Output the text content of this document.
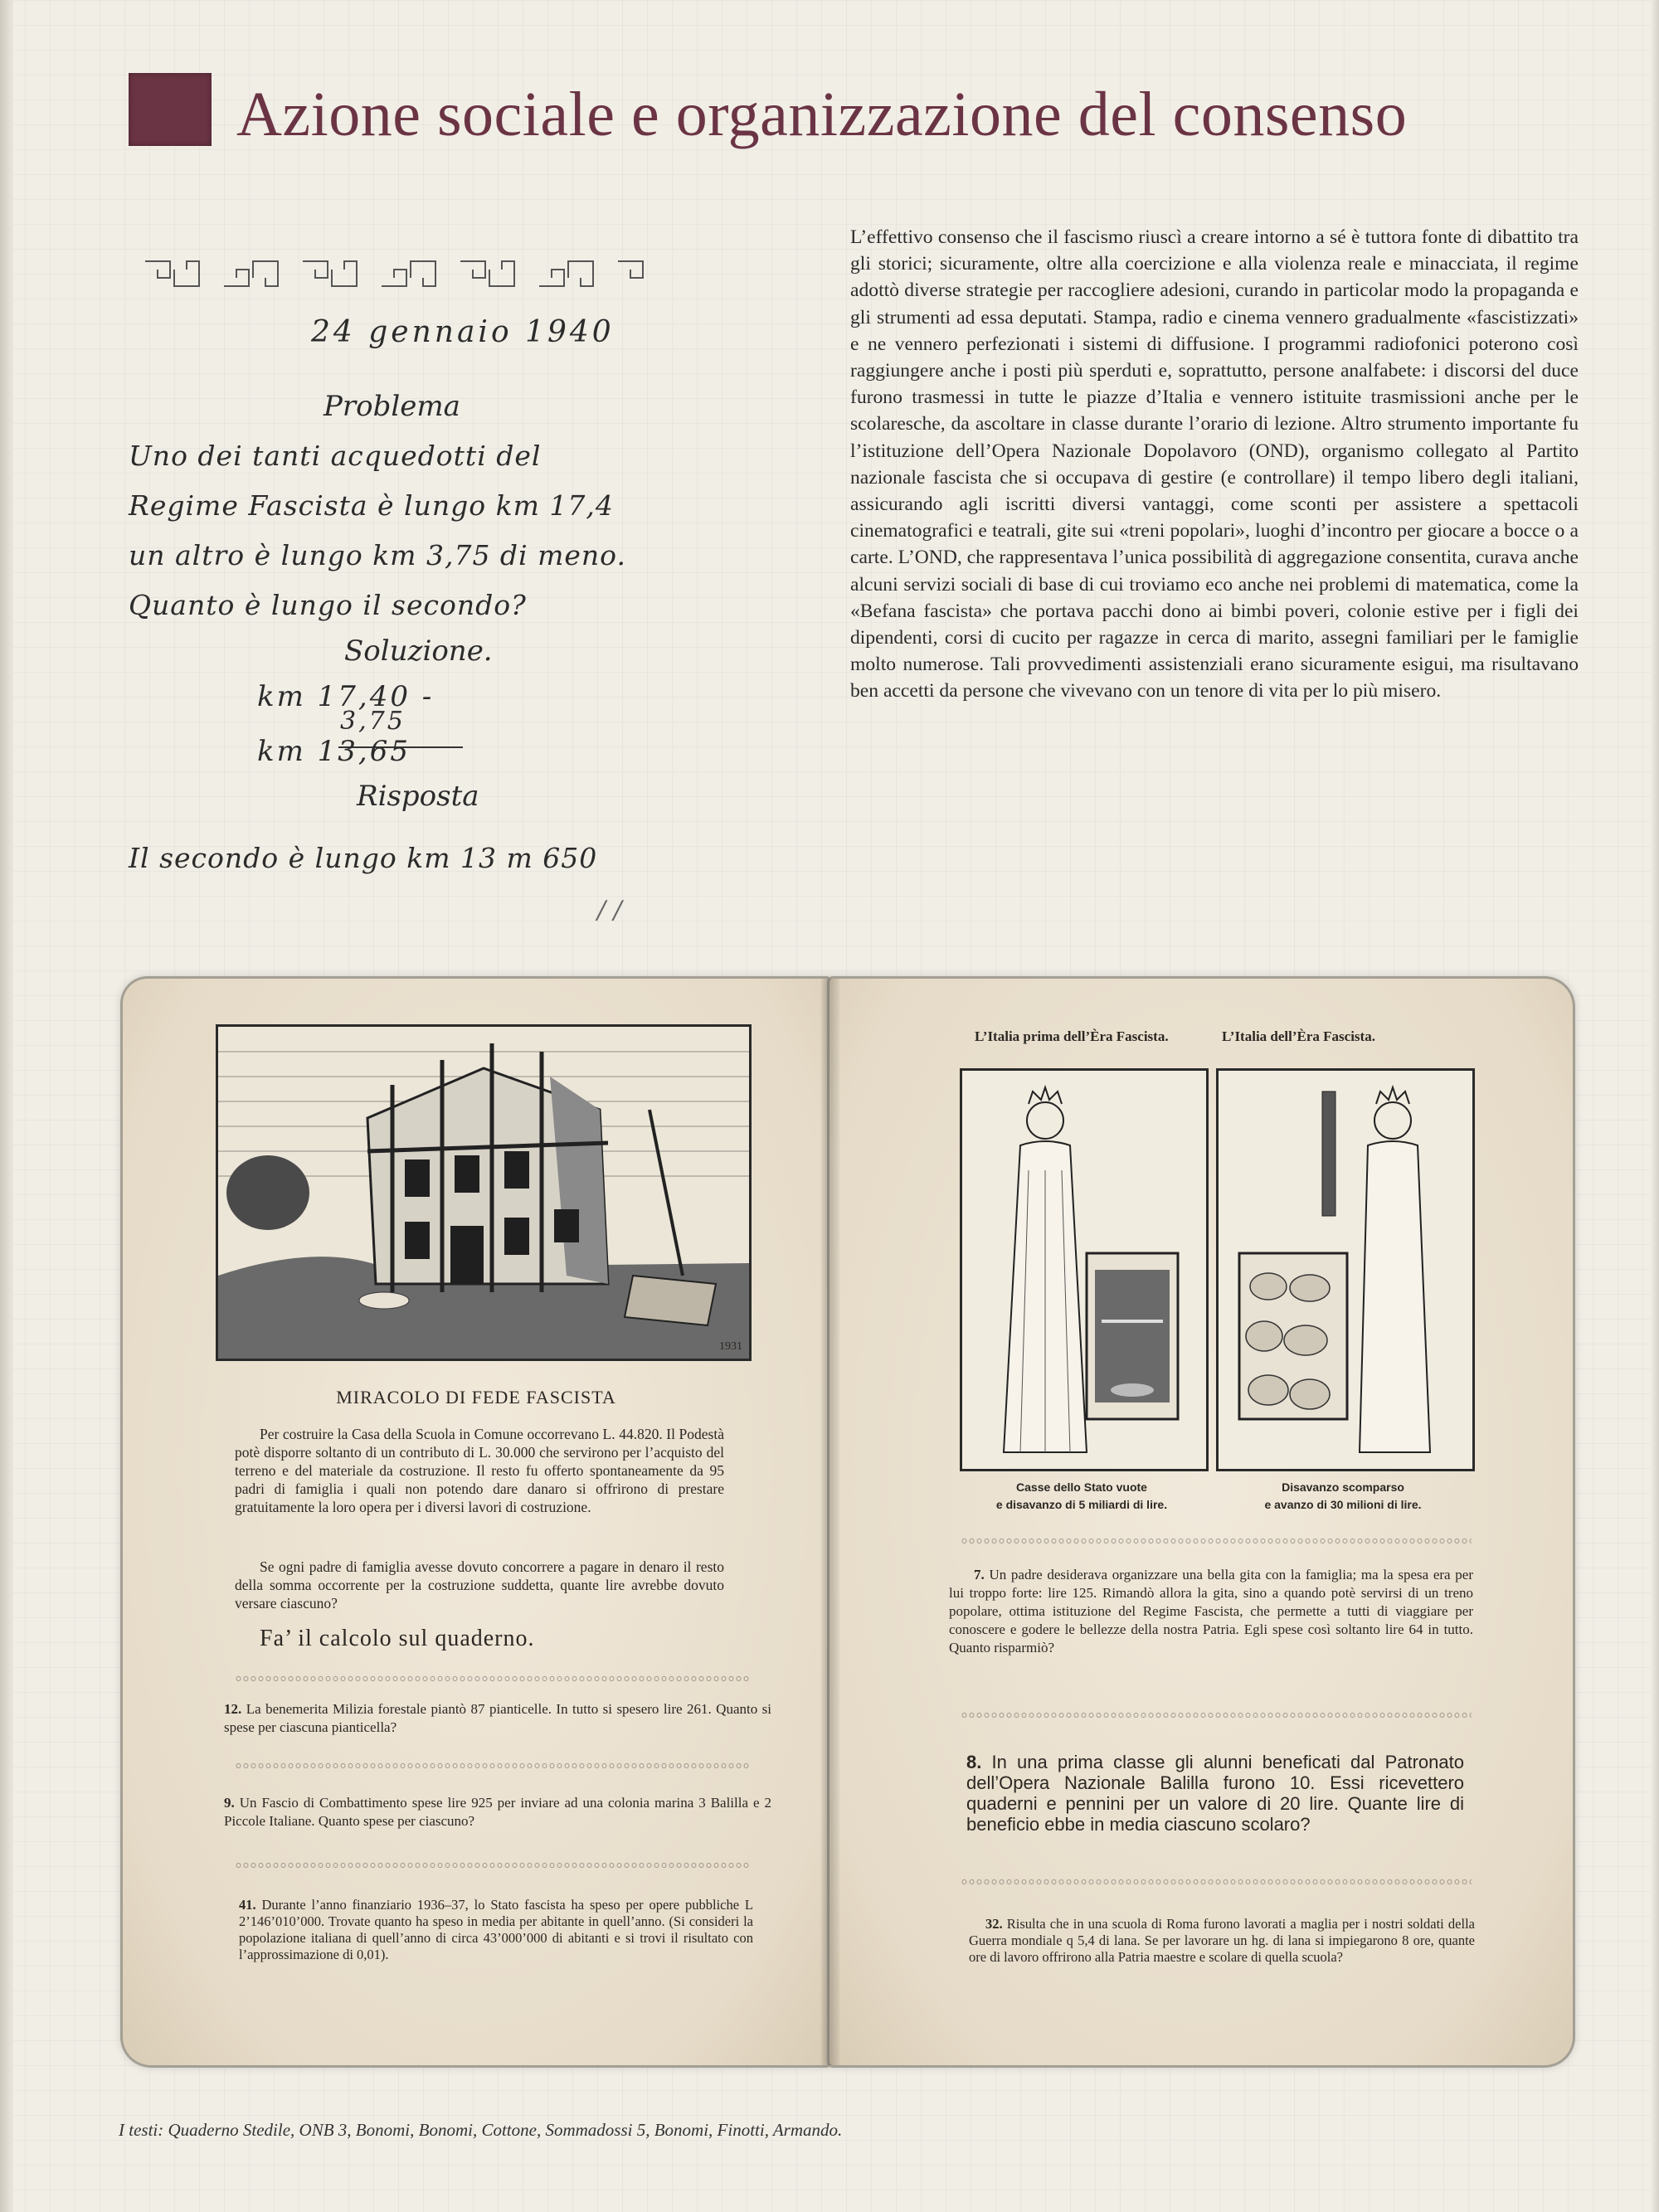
Azione sociale e organizzazione del consenso

24 gennaio 1940

Problema

Uno dei tanti acquedotti del

Regime Fascista è lungo km 17,4

un altro è lungo km 3,75 di meno.

Quanto è lungo il secondo?

Soluzione.

km 17,40 -

3,75

km 13,65

Risposta

Il secondo è lungo km 13 m 650

/ /

L’effettivo consenso che il fascismo riuscì a creare intorno a sé è tuttora fonte di dibattito tra gli storici; sicuramente, oltre alla coercizione e alla violenza reale e minacciata, il regime adottò diverse strategie per raccogliere adesioni, curando in particolar modo la propaganda e gli strumenti ad essa deputati. Stampa, radio e cinema vennero gradualmente «fascistizzati» e ne vennero perfezionati i sistemi di diffusione. I programmi radiofonici poterono così raggiungere anche i posti più sperduti e, soprattutto, persone analfabete: i discorsi del duce furono trasmessi in tutte le piazze d’Italia e vennero istituite trasmissioni anche per le scolaresche, da ascoltare in classe durante l’orario di lezione. Altro strumento importante fu l’istituzione dell’Opera Nazionale Dopolavoro (OND), organismo collegato al Partito nazionale fascista che si occupava di gestire (e controllare) il tempo libero degli italiani, assicurando agli iscritti diversi vantaggi, come sconti per assistere a spettacoli cinematografici e teatrali, gite sui «treni popolari», luoghi d’incontro per giocare a bocce o a carte. L’OND, che rappresentava l’unica possibilità di aggregazione consentita, curava anche alcuni servizi sociali di base di cui troviamo eco anche nei problemi di matematica, come la «Befana fascista» che portava pacchi dono ai bimbi poveri, colonie estive per i figli dei dipendenti, corsi di cucito per ragazze in cerca di marito, assegni familiari per le famiglie molto numerose. Tali provvedimenti assistenziali erano sicuramente esigui, ma risultavano ben accetti da persone che vivevano con un tenore di vita per lo più misero.

1931

MIRACOLO DI FEDE FASCISTA

Per costruire la Casa della Scuola in Comune occorrevano L. 44.820. Il Podestà potè disporre soltanto di un contributo di L. 30.000 che servirono per l’acquisto del terreno e del materiale da costruzione. Il resto fu offerto spontaneamente da 95 padri di famiglia i quali non potendo dare danaro si offrirono di prestare gratuitamente la loro opera per i diversi lavori di costruzione.

Se ogni padre di famiglia avesse dovuto concorrere a pagare in denaro il resto della somma occorrente per la costruzione suddetta, quante lire avrebbe dovuto versare ciascuno?

Fa’ il calcolo sul quaderno.

12. La benemerita Milizia forestale piantò 87 pianticelle. In tutto si spesero lire 261. Quanto si spese per ciascuna pianticella?

9. Un Fascio di Combattimento spese lire 925 per inviare ad una colonia marina 3 Balilla e 2 Piccole Italiane. Quanto spese per ciascuno?

41. Durante l’anno finanziario 1936–37, lo Stato fascista ha speso per opere pubbliche L 2’146’010’000. Trovate quanto ha speso in media per abitante in quell’anno. (Si consideri la popolazione italiana di quell’anno di circa 43’000’000 di abitanti e si trovi il risultato con l’approssimazione di 0,01).

L’Italia prima dell’Èra Fascista.	L’Italia dell’Èra Fascista.

Casse dello Stato vuote
e disavanzo di 5 miliardi di lire.

Disavanzo scomparso
e avanzo di 30 milioni di lire.

7. Un padre desiderava organizzare una bella gita con la famiglia; ma la spesa era per lui troppo forte: lire 125. Rimandò allora la gita, sino a quando potè servirsi di un treno popolare, ottima istituzione del Regime Fascista, che permette a tutti di viaggiare per conoscere e godere le bellezze della nostra Patria. Egli spese così soltanto lire 64 in tutto. Quanto risparmiò?

8. In una prima classe gli alunni beneficati dal Patronato dell’Opera Nazionale Balilla furono 10. Essi ricevettero quaderni e pennini per un valore di 20 lire. Quante lire di beneficio ebbe in media ciascuno scolaro?

32. Risulta che in una scuola di Roma furono lavorati a maglia per i nostri soldati della Guerra mondiale q 5,4 di lana. Se per lavorare un hg. di lana si impiegarono 8 ore, quante ore di lavoro offrirono alla Patria maestre e scolare di quella scuola?

I testi: Quaderno Stedile, ONB 3, Bonomi, Bonomi, Cottone, Sommadossi 5, Bonomi, Finotti, Armando.
